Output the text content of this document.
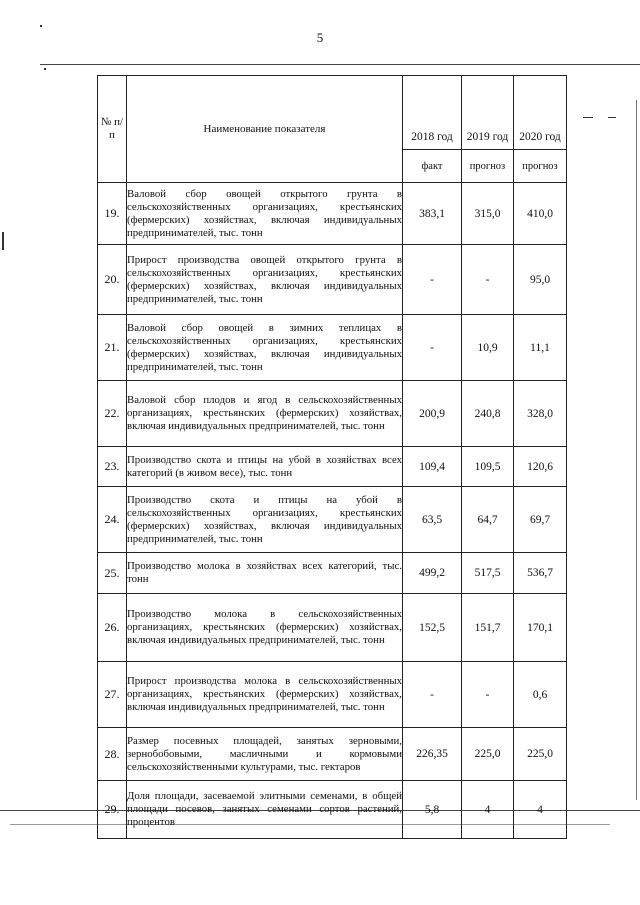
5
№ п/п	Наименование показателя	2018 год	2019 год	2020 год
		факт	прогноз	прогноз
19.	Валовой сбор овощей открытого грунта в сельскохозяйственных организациях, крестьянских (фермерских) хозяйствах, включая индивидуальных предпринимателей, тыс. тонн	383,1	315,0	410,0
20.	Прирост производства овощей открытого грунта в сельскохозяйственных организациях, крестьянских (фермерских) хозяйствах, включая индивидуальных предпринимателей, тыс. тонн	-	-	95,0
21.	Валовой сбор овощей в зимних теплицах в сельскохозяйственных организациях, крестьянских (фермерских) хозяйствах, включая индивидуальных предпринимателей, тыс. тонн	-	10,9	11,1
22.	Валовой сбор плодов и ягод в сельскохозяйственных организациях, крестьянских (фермерских) хозяйствах, включая индивидуальных предпринимателей, тыс. тонн	200,9	240,8	328,0
23.	Производство скота и птицы на убой в хозяйствах всех категорий (в живом весе), тыс. тонн	109,4	109,5	120,6
24.	Производство скота и птицы на убой в сельскохозяйственных организациях, крестьянских (фермерских) хозяйствах, включая индивидуальных предпринимателей, тыс. тонн	63,5	64,7	69,7
25.	Производство молока в хозяйствах всех категорий, тыс. тонн	499,2	517,5	536,7
26.	Производство молока в сельскохозяйственных организациях, крестьянских (фермерских) хозяйствах, включая индивидуальных предпринимателей, тыс. тонн	152,5	151,7	170,1
27.	Прирост производства молока в сельскохозяйственных организациях, крестьянских (фермерских) хозяйствах, включая индивидуальных предпринимателей, тыс. тонн	-	-	0,6
28.	Размер посевных площадей, занятых зерновыми, зернобобовыми, масличными и кормовыми сельскохозяйственными культурами, тыс. гектаров	226,35	225,0	225,0
29.	Доля площади, засеваемой элитными семенами, в общей площади посевов, занятых семенами сортов растений, процентов	5,8	4	4
